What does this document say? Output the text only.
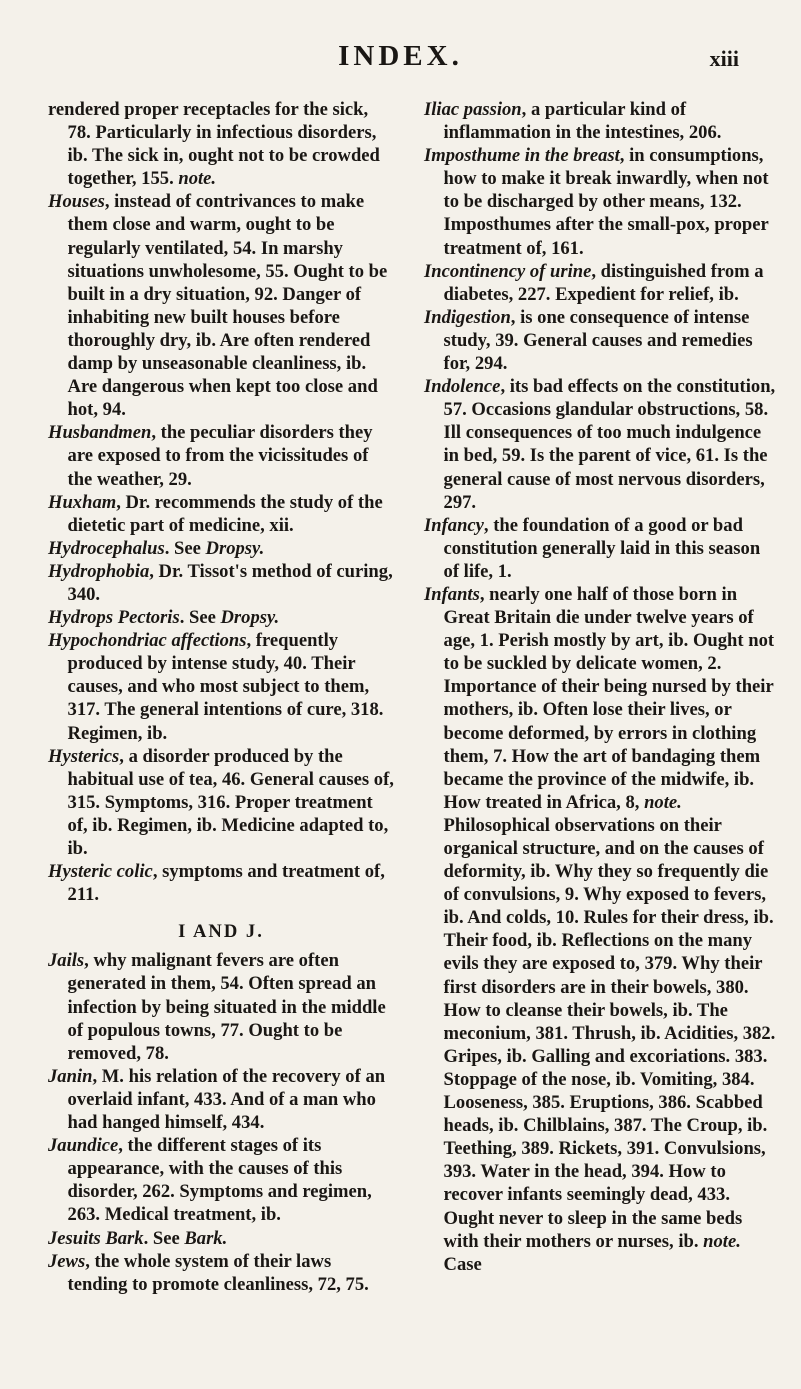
INDEX.	xiii

rendered proper receptacles for the sick, 78. Particularly in infectious disorders, ib. The sick in, ought not to be crowded together, 155. note.

Houses, instead of contrivances to make them close and warm, ought to be regularly ventilated, 54. In marshy situations unwholesome, 55. Ought to be built in a dry situation, 92. Danger of inhabiting new built houses before thoroughly dry, ib. Are often rendered damp by unseasonable cleanliness, ib. Are dangerous when kept too close and hot, 94.

Husbandmen, the peculiar disorders they are exposed to from the vicissitudes of the weather, 29.

Huxham, Dr. recommends the study of the dietetic part of medicine, xii.

Hydrocephalus. See Dropsy.

Hydrophobia, Dr. Tissot's method of curing, 340.

Hydrops Pectoris. See Dropsy.

Hypochondriac affections, frequently produced by intense study, 40. Their causes, and who most subject to them, 317. The general intentions of cure, 318. Regimen, ib.

Hysterics, a disorder produced by the habitual use of tea, 46. General causes of, 315. Symptoms, 316. Proper treatment of, ib. Regimen, ib. Medicine adapted to, ib.

Hysteric colic, symptoms and treatment of, 211.

I AND J.

Jails, why malignant fevers are often generated in them, 54. Often spread an infection by being situated in the middle of populous towns, 77. Ought to be removed, 78.

Janin, M. his relation of the recovery of an overlaid infant, 433. And of a man who had hanged himself, 434.

Jaundice, the different stages of its appearance, with the causes of this disorder, 262. Symptoms and regimen, 263. Medical treatment, ib.

Jesuits Bark. See Bark.

Jews, the whole system of their laws tending to promote cleanliness, 72, 75.

Iliac passion, a particular kind of inflammation in the intestines, 206.

Imposthume in the breast, in consumptions, how to make it break inwardly, when not to be discharged by other means, 132. Imposthumes after the small-pox, proper treatment of, 161.

Incontinency of urine, distinguished from a diabetes, 227. Expedient for relief, ib.

Indigestion, is one consequence of intense study, 39. General causes and remedies for, 294.

Indolence, its bad effects on the constitution, 57. Occasions glandular obstructions, 58. Ill consequences of too much indulgence in bed, 59. Is the parent of vice, 61. Is the general cause of most nervous disorders, 297.

Infancy, the foundation of a good or bad constitution generally laid in this season of life, 1.

Infants, nearly one half of those born in Great Britain die under twelve years of age, 1. Perish mostly by art, ib. Ought not to be suckled by delicate women, 2. Importance of their being nursed by their mothers, ib. Often lose their lives, or become deformed, by errors in clothing them, 7. How the art of bandaging them became the province of the midwife, ib. How treated in Africa, 8, note. Philosophical observations on their organical structure, and on the causes of deformity, ib. Why they so frequently die of convulsions, 9. Why exposed to fevers, ib. And colds, 10. Rules for their dress, ib. Their food, ib. Reflections on the many evils they are exposed to, 379. Why their first disorders are in their bowels, 380. How to cleanse their bowels, ib. The meconium, 381. Thrush, ib. Acidities, 382. Gripes, ib. Galling and excoriations. 383. Stoppage of the nose, ib. Vomiting, 384. Looseness, 385. Eruptions, 386. Scabbed heads, ib. Chilblains, 387. The Croup, ib. Teething, 389. Rickets, 391. Convulsions, 393. Water in the head, 394. How to recover infants seemingly dead, 433. Ought never to sleep in the same beds with their mothers or nurses, ib. note. Case
